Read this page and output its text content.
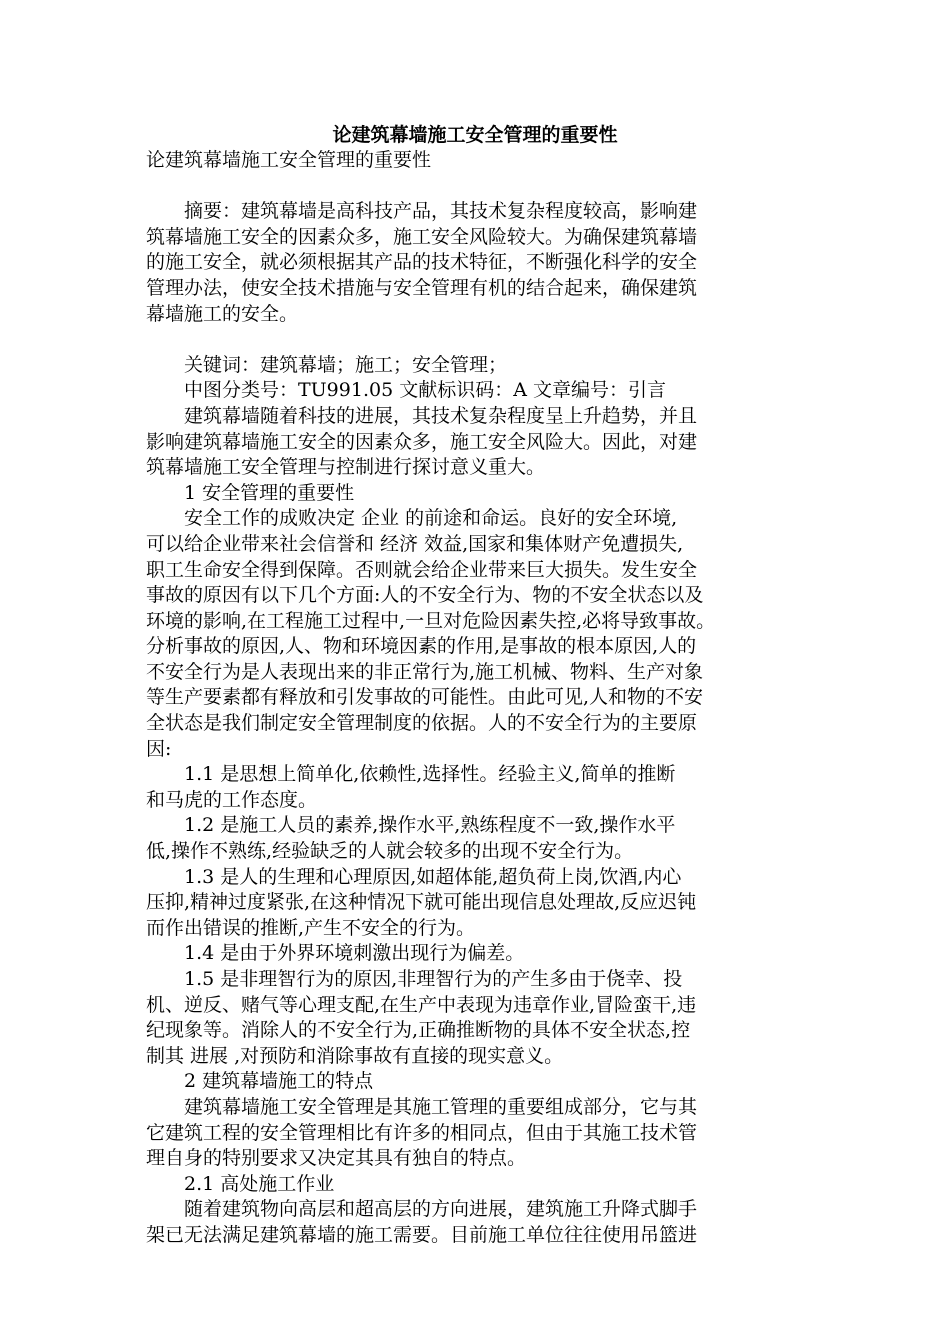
论建筑幕墙施工安全管理的重要性

论建筑幕墙施工安全管理的重要性

　　摘要：建筑幕墙是高科技产品，其技术复杂程度较高，影响建

筑幕墙施工安全的因素众多，施工安全风险较大。为确保建筑幕墙

的施工安全，就必须根据其产品的技术特征，不断强化科学的安全

管理办法，使安全技术措施与安全管理有机的结合起来，确保建筑

幕墙施工的安全。

　　关键词：建筑幕墙；施工；安全管理；

　　中图分类号：TU991.05 文献标识码：A 文章编号：引言

　　建筑幕墙随着科技的进展，其技术复杂程度呈上升趋势，并且

影响建筑幕墙施工安全的因素众多，施工安全风险大。因此，对建

筑幕墙施工安全管理与控制进行探讨意义重大。

　　1 安全管理的重要性

　　安全工作的成败决定 企业 的前途和命运。良好的安全环境,

可以给企业带来社会信誉和 经济 效益,国家和集体财产免遭损失,

职工生命安全得到保障。否则就会给企业带来巨大损失。发生安全

事故的原因有以下几个方面:人的不安全行为、物的不安全状态以及

环境的影响,在工程施工过程中,一旦对危险因素失控,必将导致事故。

分析事故的原因,人、物和环境因素的作用,是事故的根本原因,人的

不安全行为是人表现出来的非正常行为,施工机械、物料、生产对象

等生产要素都有释放和引发事故的可能性。由此可见,人和物的不安

全状态是我们制定安全管理制度的依据。人的不安全行为的主要原

因:

　　1.1 是思想上简单化,依赖性,选择性。经验主义,简单的推断

和马虎的工作态度。

　　1.2 是施工人员的素养,操作水平,熟练程度不一致,操作水平

低,操作不熟练,经验缺乏的人就会较多的出现不安全行为。

　　1.3 是人的生理和心理原因,如超体能,超负荷上岗,饮酒,内心

压抑,精神过度紧张,在这种情况下就可能出现信息处理故,反应迟钝

而作出错误的推断,产生不安全的行为。

　　1.4 是由于外界环境刺激出现行为偏差。

　　1.5 是非理智行为的原因,非理智行为的产生多由于侥幸、投

机、逆反、赌气等心理支配,在生产中表现为违章作业,冒险蛮干,违

纪现象等。消除人的不安全行为,正确推断物的具体不安全状态,控

制其 进展 ,对预防和消除事故有直接的现实意义。

　　2 建筑幕墙施工的特点

　　建筑幕墙施工安全管理是其施工管理的重要组成部分，它与其

它建筑工程的安全管理相比有许多的相同点，但由于其施工技术管

理自身的特别要求又决定其具有独自的特点。

　　2.1 高处施工作业

　　随着建筑物向高层和超高层的方向进展，建筑施工升降式脚手

架已无法满足建筑幕墙的施工需要。目前施工单位往往使用吊篮进
